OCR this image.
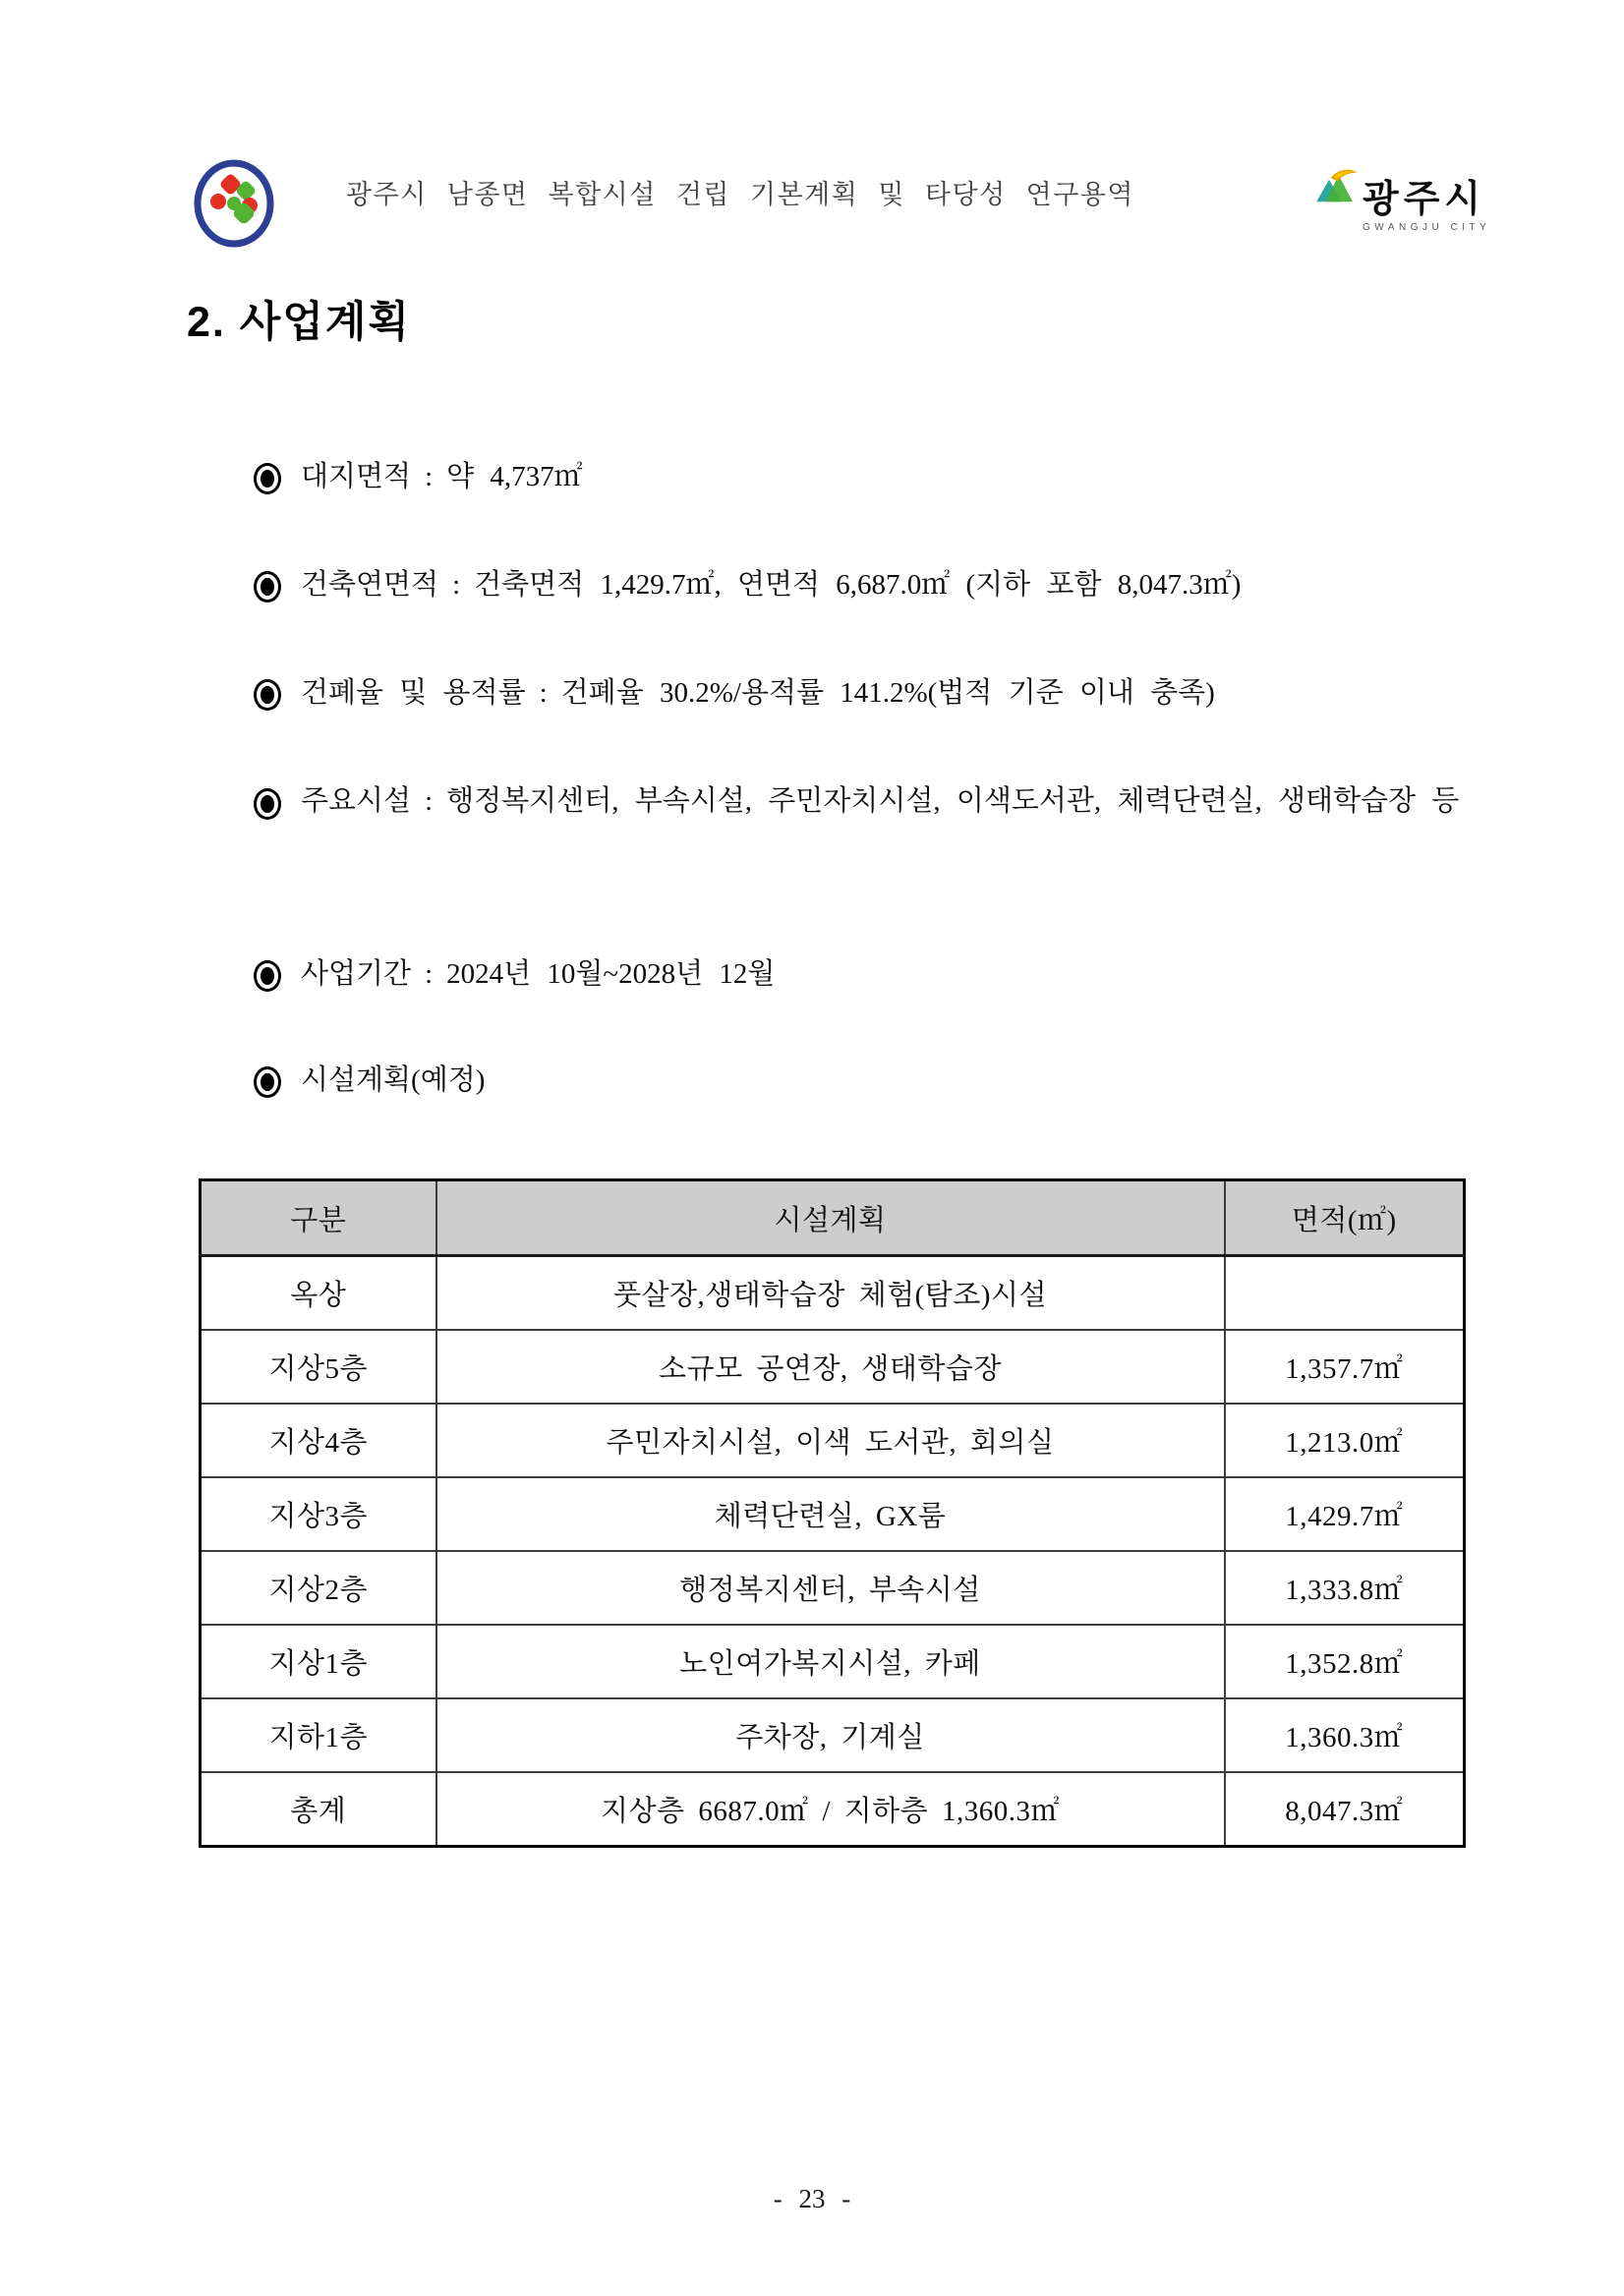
광주시 남종면 복합시설 건립 기본계획 및 타당성 연구용역	광주시
GWANGJU CITY
2. 사업계획
대지면적 : 약 4,737㎡
건축연면적 : 건축면적 1,429.7㎡, 연면적 6,687.0㎡ (지하 포함 8,047.3㎡)
건폐율 및 용적률 : 건폐율 30.2%/용적률 141.2%(법적 기준 이내 충족)
주요시설 : 행정복지센터, 부속시설, 주민자치시설, 이색도서관, 체력단련실, 생태학습장 등
사업기간 : 2024년 10월~2028년 12월
시설계획(예정)
구분	시설계획	면적(㎡)
옥상	풋살장,생태학습장 체험(탐조)시설	
지상5층	소규모 공연장, 생태학습장	1,357.7㎡
지상4층	주민자치시설, 이색 도서관, 회의실	1,213.0㎡
지상3층	체력단련실, GX룸	1,429.7㎡
지상2층	행정복지센터, 부속시설	1,333.8㎡
지상1층	노인여가복지시설, 카페	1,352.8㎡
지하1층	주차장, 기계실	1,360.3㎡
총계	지상층 6687.0㎡ / 지하층 1,360.3㎡	8,047.3㎡
- 23 -
